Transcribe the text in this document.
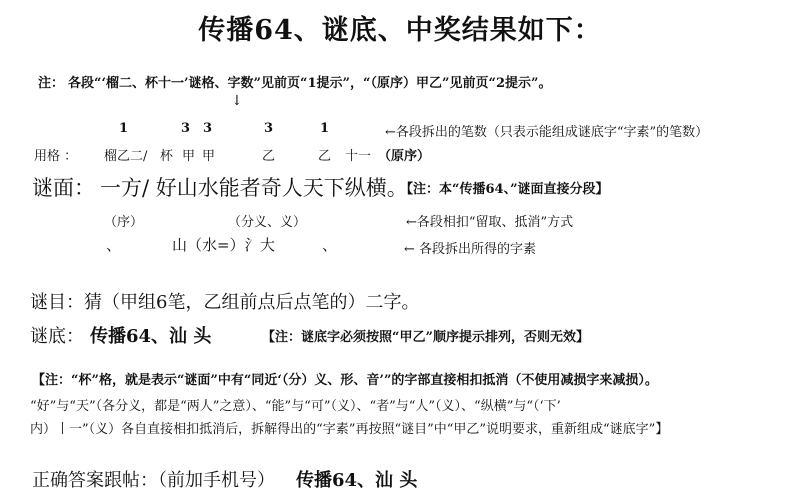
传播64、谜底、中奖结果如下：
注： 各段“‘榴二、杯十一’谜格、字数”见前页“1提示”，“（原序）甲乙”见前页“2提示”。
↓
1	3 3	3	1	←各段拆出的笔数（只表示能组成谜底字“字素”的笔数）
用格 ： 榴乙二/ 杯 甲 甲	乙	乙 十一 （原序）
谜面： 一方/ 好山水能者奇人天下纵横。
【注：本“传播64、”谜面直接分段】
（序）	（分义、义）	←各段相扣“留取、抵消”方式
、	山（水=）氵 大	、	← 各段拆出所得的字素
谜目： 猜（甲组6笔，乙组前点后点笔的）二字。
谜底： 传播64、汕 头	【注：谜底字必须按照“甲乙”顺序提示排列，否则无效】
【注：“杯”格，就是表示“谜面”中有“同近‘（分）义、形、音’”的字部直接相扣抵消（不使用减损字来减损）。
“好”与“天”（各分义，都是“两人”之意）、“能”与“可”（义）、“者”与“人”（义）、“纵横”与“（‘下’
内）丨一”（义）各自直接相扣抵消后，拆解得出的“字素”再按照“谜目”中“甲乙”说明要求，重新组成“谜底字”】
正确答案跟帖：（前加手机号） 传播64、汕 头
